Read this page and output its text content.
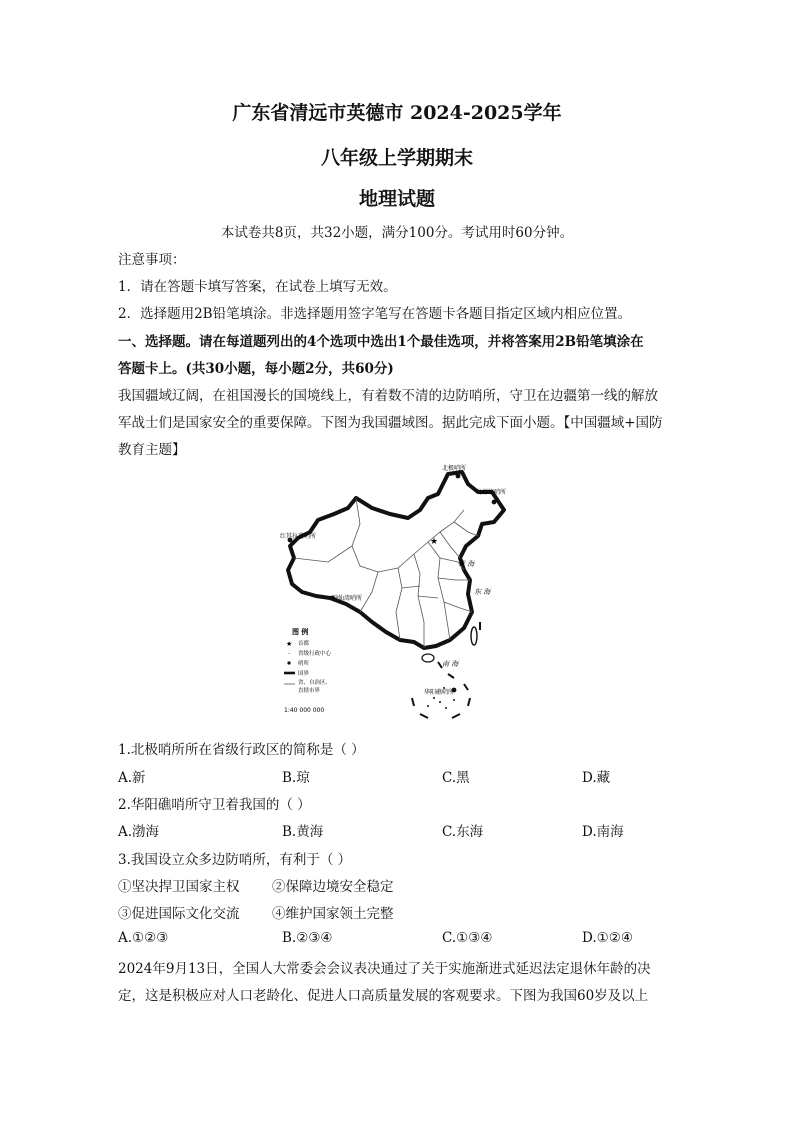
广东省清远市英德市 2024-2025学年
八年级上学期期末
地理试题
本试卷共8页，共32小题，满分100分。考试用时60分钟。
注意事项：
1．请在答题卡填写答案，在试卷上填写无效。
2．选择题用2B铅笔填涂。非选择题用签字笔写在答题卡各题目指定区域内相应位置。
一、选择题。请在每道题列出的4个选项中选出1个最佳选项，并将答案用2B铅笔填涂在
答题卡上。(共30小题，每小题2分，共60分)
我国疆域辽阔，在祖国漫长的国境线上，有着数不清的边防哨所，守卫在边疆第一线的解放
军战士们是国家安全的重要保障。下图为我国疆域图。据此完成下面小题。【中国疆域+国防
教育主题】
★
北极哨所
乌苏镇哨所
红其拉甫哨所
神仙湾哨所
华阳礁哨所
黄 海
东 海
南 海
图 例
★ 首都
· 省级行政中心
哨所
国界
省、自治区、
直辖市界
1:40 000 000
1.北极哨所所在省级行政区的简称是（ ）
A.新	B.琼	C.黑	D.藏
2.华阳礁哨所守卫着我国的（ ）
A.渤海	B.黄海	C.东海	D.南海
3.我国设立众多边防哨所，有利于（ ）
①坚决捍卫国家主权 ②保障边境安全稳定
③促进国际文化交流 ④维护国家领土完整
A.①②③	B.②③④	C.①③④	D.①②④
2024年9月13日，全国人大常委会会议表决通过了关于实施渐进式延迟法定退休年龄的决
定，这是积极应对人口老龄化、促进人口高质量发展的客观要求。下图为我国60岁及以上
